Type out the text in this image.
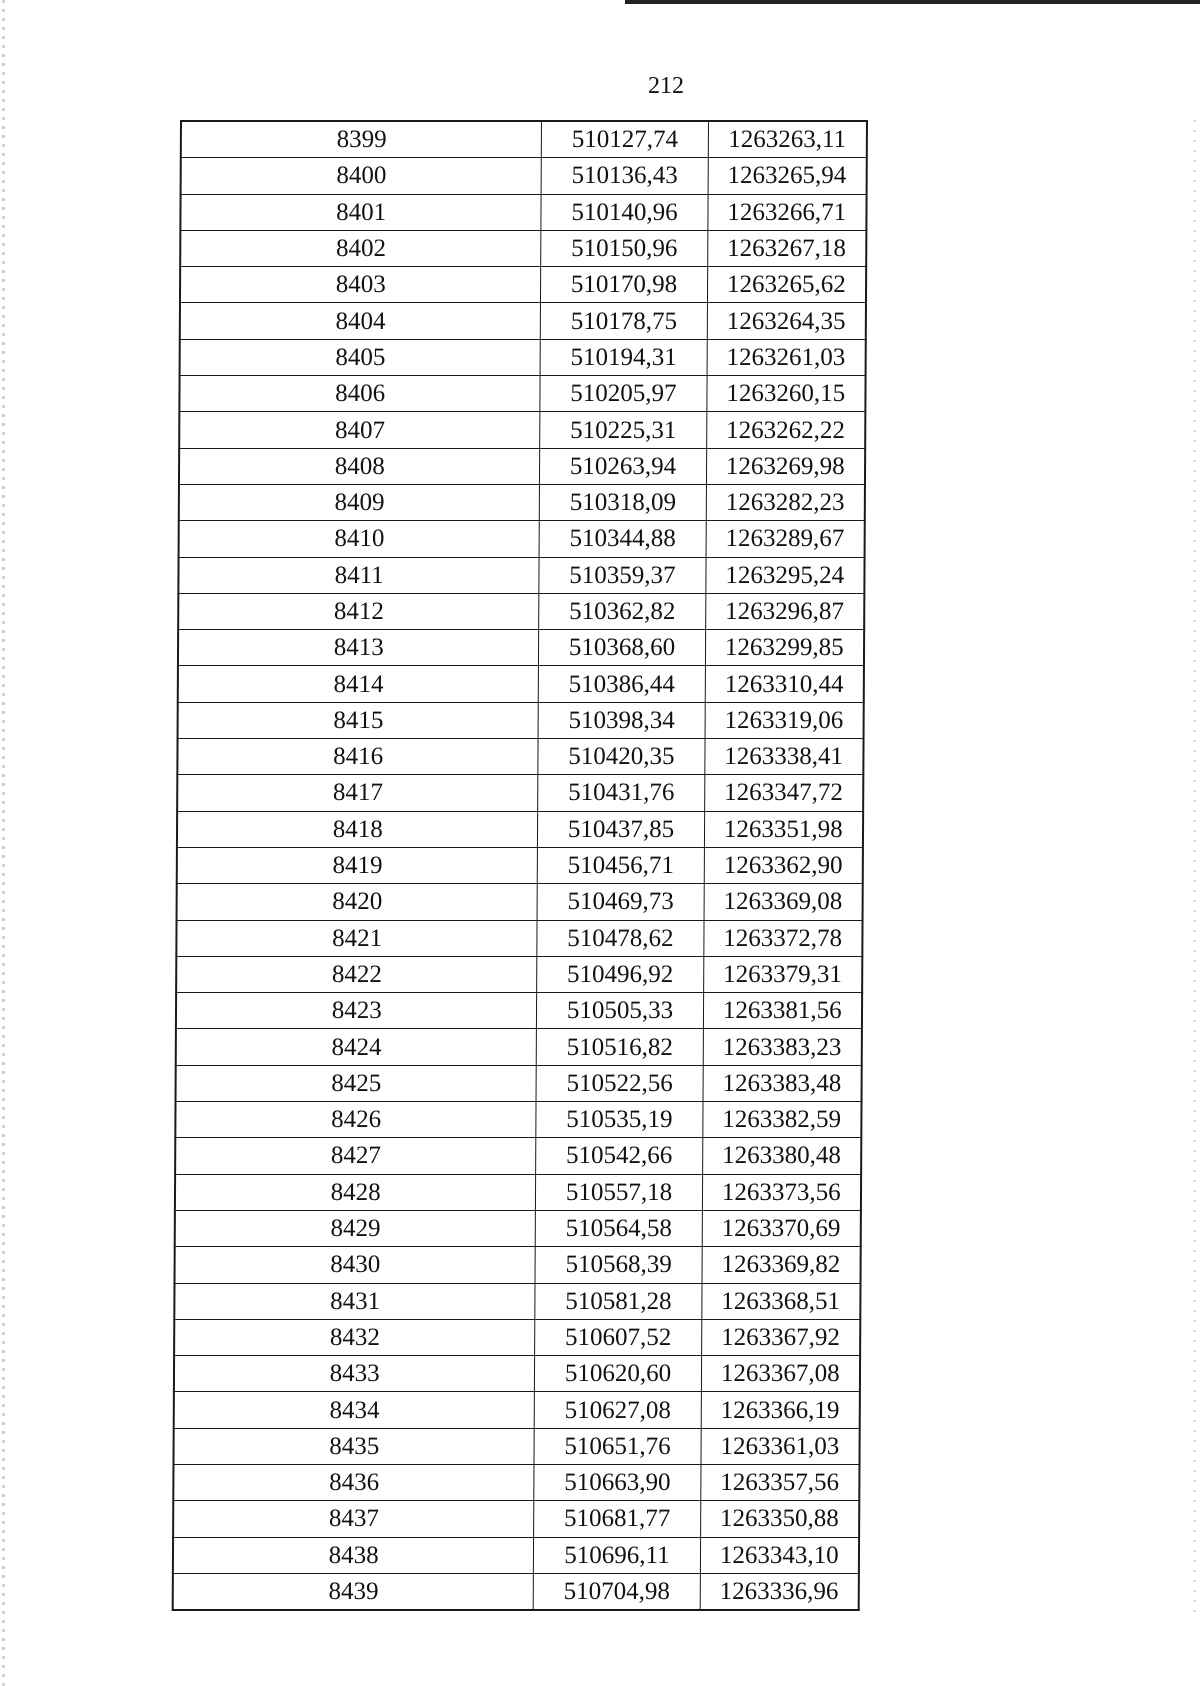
212
8399	510127,74	1263263,11
8400	510136,43	1263265,94
8401	510140,96	1263266,71
8402	510150,96	1263267,18
8403	510170,98	1263265,62
8404	510178,75	1263264,35
8405	510194,31	1263261,03
8406	510205,97	1263260,15
8407	510225,31	1263262,22
8408	510263,94	1263269,98
8409	510318,09	1263282,23
8410	510344,88	1263289,67
8411	510359,37	1263295,24
8412	510362,82	1263296,87
8413	510368,60	1263299,85
8414	510386,44	1263310,44
8415	510398,34	1263319,06
8416	510420,35	1263338,41
8417	510431,76	1263347,72
8418	510437,85	1263351,98
8419	510456,71	1263362,90
8420	510469,73	1263369,08
8421	510478,62	1263372,78
8422	510496,92	1263379,31
8423	510505,33	1263381,56
8424	510516,82	1263383,23
8425	510522,56	1263383,48
8426	510535,19	1263382,59
8427	510542,66	1263380,48
8428	510557,18	1263373,56
8429	510564,58	1263370,69
8430	510568,39	1263369,82
8431	510581,28	1263368,51
8432	510607,52	1263367,92
8433	510620,60	1263367,08
8434	510627,08	1263366,19
8435	510651,76	1263361,03
8436	510663,90	1263357,56
8437	510681,77	1263350,88
8438	510696,11	1263343,10
8439	510704,98	1263336,96
